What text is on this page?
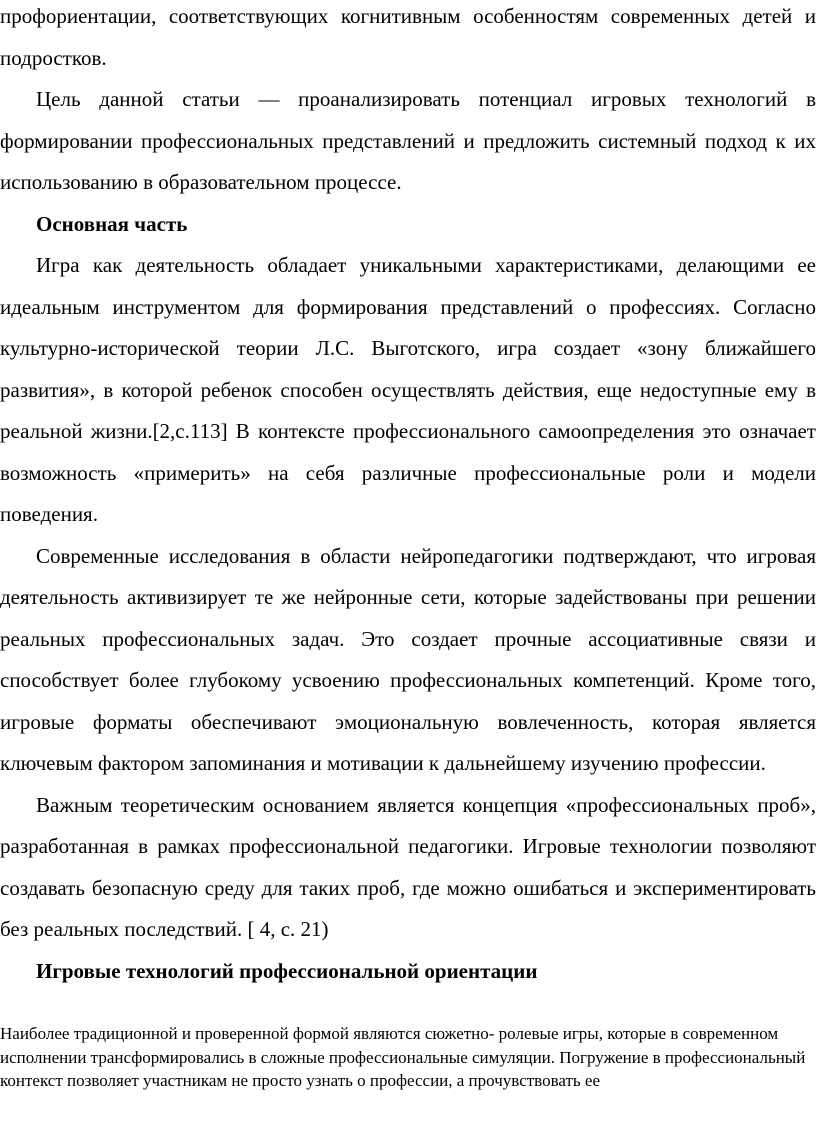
профориентации, соответствующих когнитивным особенностям современных детей и подростков.

Цель данной статьи — проанализировать потенциал игровых технологий в формировании профессиональных представлений и предложить системный подход к их использованию в образовательном процессе.

Основная часть

Игра как деятельность обладает уникальными характеристиками, делающими ее идеальным инструментом для формирования представлений о профессиях. Согласно культурно-исторической теории Л.С. Выготского, игра создает «зону ближайшего развития», в которой ребенок способен осуществлять действия, еще недоступные ему в реальной жизни.[2,с.113] В контексте профессионального самоопределения это означает возможность «примерить» на себя различные профессиональные роли и модели поведения.

Современные исследования в области нейропедагогики подтверждают, что игровая деятельность активизирует те же нейронные сети, которые задействованы при решении реальных профессиональных задач. Это создает прочные ассоциативные связи и способствует более глубокому усвоению профессиональных компетенций. Кроме того, игровые форматы обеспечивают эмоциональную вовлеченность, которая является ключевым фактором запоминания и мотивации к дальнейшему изучению профессии.

Важным теоретическим основанием является концепция «профессиональных проб», разработанная в рамках профессиональной педагогики. Игровые технологии позволяют создавать безопасную среду для таких проб, где можно ошибаться и экспериментировать без реальных последствий. [ 4, с. 21)

Игровые технологий профессиональной ориентации

Наиболее традиционной и проверенной формой являются сюжетно- ролевые игры, которые в современном исполнении трансформировались в сложные профессиональные симуляции. Погружение в профессиональный контекст позволяет участникам не просто узнать о профессии, а прочувствовать ее
